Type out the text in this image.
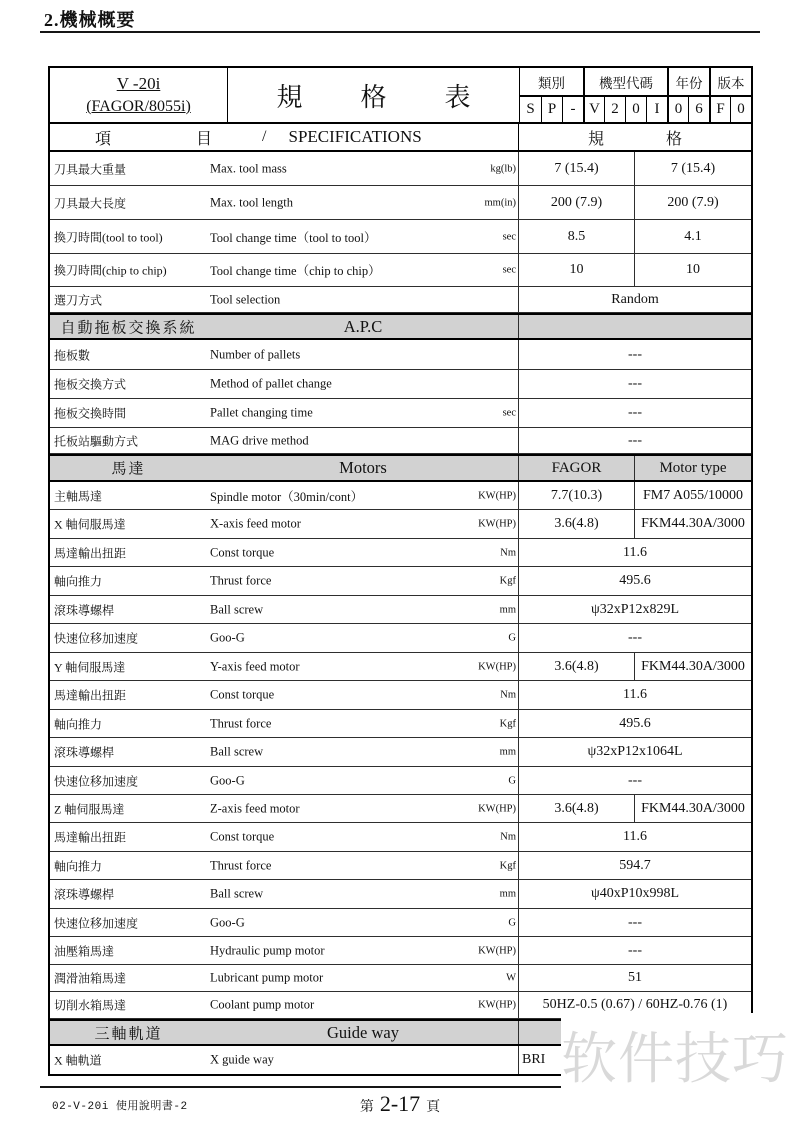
2.機械概要
V -20i
(FAGOR/8055i)	規格表 類別	機型代碼	年份	版本
S P - V 2 0 I	0 6 F 0
項	目	/ SPECIFICATIONS	規	格
刀具最大重量	Max. tool mass	kg(lb)	7 (15.4)	7 (15.4)
刀具最大長度	Max. tool length	mm(in)	200 (7.9)	200 (7.9)
換刀時間(tool to tool)	Tool change time（tool to tool）	sec	8.5	4.1
換刀時間(chip to chip)	Tool change time（chip to chip）	sec	10	10
選刀方式	Tool selection	Random
自動拖板交換系統	A.P.C
拖板數	Number of pallets	---
拖板交換方式	Method of pallet change	---
拖板交換時間	Pallet changing time	sec	---
托板站驅動方式	MAG drive method	---
馬達	Motors	FAGOR	Motor type
主軸馬達	Spindle motor（30min/cont）	KW(HP)	7.7(10.3)	FM7 A055/10000
X 軸伺服馬達	X-axis feed motor	KW(HP)	3.6(4.8)	FKM44.30A/3000
馬達輸出扭距	Const torque	Nm	11.6
軸向推力	Thrust force	Kgf	495.6
滾珠導螺桿	Ball screw	mm	ψ32xP12x829L
快速位移加速度	Goo-G	G	---
Y 軸伺服馬達	Y-axis feed motor	KW(HP)	3.6(4.8)	FKM44.30A/3000
馬達輸出扭距	Const torque	Nm	11.6
軸向推力	Thrust force	Kgf	495.6
滾珠導螺桿	Ball screw	mm	ψ32xP12x1064L
快速位移加速度	Goo-G	G	---
Z 軸伺服馬達	Z-axis feed motor	KW(HP)	3.6(4.8)	FKM44.30A/3000
馬達輸出扭距	Const torque	Nm	11.6
軸向推力	Thrust force	Kgf	594.7
滾珠導螺桿	Ball screw	mm	ψ40xP10x998L
快速位移加速度	Goo-G	G	---
油壓箱馬達	Hydraulic pump motor	KW(HP)	---
潤滑油箱馬達	Lubricant pump motor	W	51
切削水箱馬達	Coolant pump motor	KW(HP)	50HZ-0.5 (0.67) / 60HZ-0.76 (1)
三軸軌道	Guide way
X 軸軌道	X guide way	BRI 软件技巧
02-V-20i 使用說明書-2	第 2-17 頁
